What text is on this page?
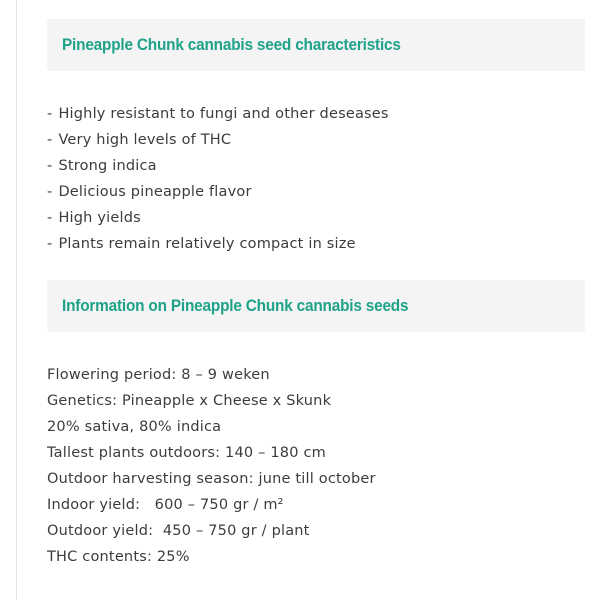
Pineapple Chunk cannabis seed characteristics
- Highly resistant to fungi and other deseases
- Very high levels of THC
- Strong indica
- Delicious pineapple flavor
- High yields
- Plants remain relatively compact in size
Information on Pineapple Chunk cannabis seeds
Flowering period: 8 – 9 weken
Genetics: Pineapple x Cheese x Skunk
20% sativa, 80% indica
Tallest plants outdoors: 140 – 180 cm
Outdoor harvesting season: june till october
Indoor yield:   600 – 750 gr / m²
Outdoor yield:  450 – 750 gr / plant
THC contents: 25%
